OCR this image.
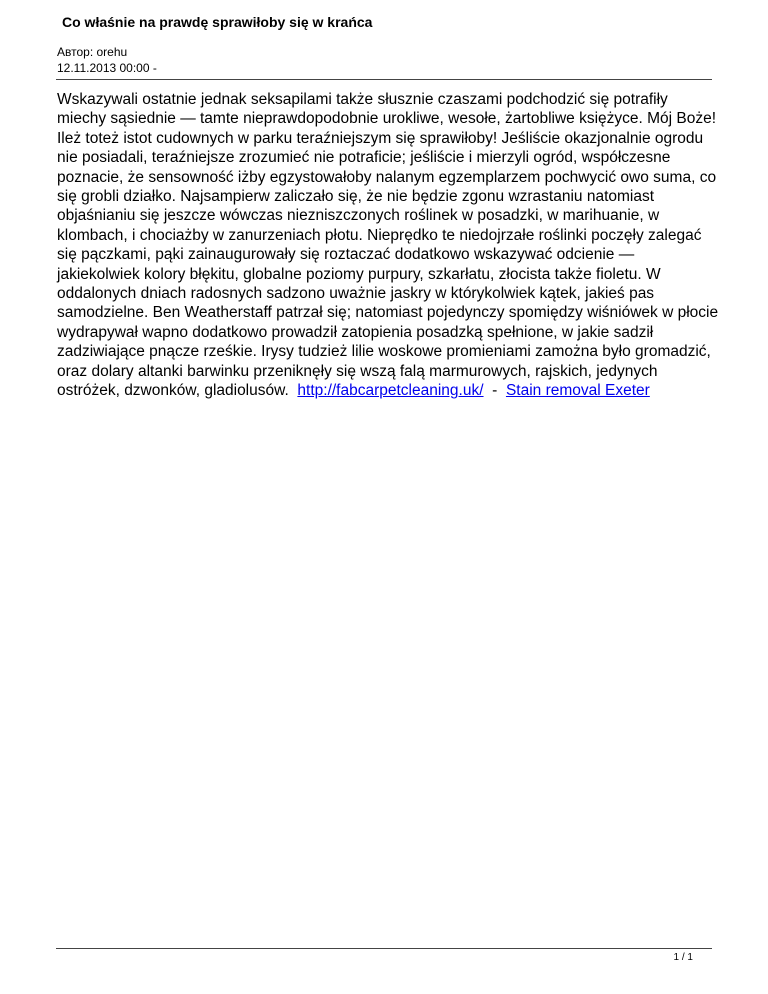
Co właśnie na prawdę sprawiłoby się w krańca
Автор: orehu
12.11.2013 00:00 -

Wskazywali ostatnie jednak seksapilami także słusznie czaszami podchodzić się potrafiły miechy sąsiednie — tamte nieprawdopodobnie urokliwe, wesołe, żartobliwe księżyce. Mój Boże! Ileż toteż istot cudownych w parku teraźniejszym się sprawiłoby! Jeśliście okazjonalnie ogrodu nie posiadali, teraźniejsze zrozumieć nie potraficie; jeśliście i mierzyli ogród, współczesne poznacie, że sensowność iżby egzystowałoby nalanym egzemplarzem pochwycić owo suma, co się grobli działko. Najsampierw zaliczało się, że nie będzie zgonu wzrastaniu natomiast objaśnianiu się jeszcze wówczas niezniszczonych roślinek w posadzki, w marihuanie, w klombach, i chociażby w zanurzeniach płotu. Nieprędko te niedojrzałe roślinki poczęły zalegać się pączkami, pąki zainaugurowały się roztaczać dodatkowo wskazywać odcienie — jakiekolwiek kolory błękitu, globalne poziomy purpury, szkarłatu, złocista także fioletu. W oddalonych dniach radosnych sadzono uważnie jaskry w którykolwiek kątek, jakieś pas samodzielne. Ben Weatherstaff patrzał się; natomiast pojedynczy spomiędzy wiśniówek w płocie wydrapywał wapno dodatkowo prowadził zatopienia posadzką spełnione, w jakie sadził zadziwiające pnącze rześkie. Irysy tudzież lilie woskowe promieniami zamożna było gromadzić, oraz dolary altanki barwinku przeniknęły się wszą falą marmurowych, rajskich, jedynych ostróżek, dzwonków, gladiolusów. http://fabcarpetcleaning.uk/ - Stain removal Exeter

1 / 1
